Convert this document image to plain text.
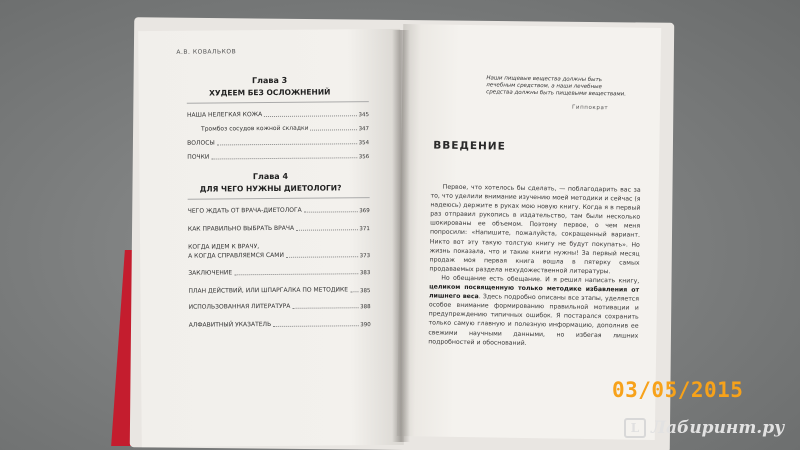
А.В. КОВАЛЬКОВ
Глава 3
ХУДЕЕМ БЕЗ ОСЛОЖНЕНИЙ
НАША НЕЛЕГКАЯ КОЖА	345
Тромбоз сосудов кожной складки	347
ВОЛОСЫ	354
ПОЧКИ	356
Глава 4
ДЛЯ ЧЕГО НУЖНЫ ДИЕТОЛОГИ?
ЧЕГО ЖДАТЬ ОТ ВРАЧА-ДИЕТОЛОГА	369
КАК ПРАВИЛЬНО ВЫБРАТЬ ВРАЧА	371
КОГДА ИДЕМ К ВРАЧУ,
А КОГДА СПРАВЛЯЕМСЯ САМИ	373
ЗАКЛЮЧЕНИЕ	383
ПЛАН ДЕЙСТВИЙ, ИЛИ ШПАРГАЛКА ПО МЕТОДИКЕ 385
ИСПОЛЬЗОВАННАЯ ЛИТЕРАТУРА	388
АЛФАВИТНЫЙ УКАЗАТЕЛЬ	390
Наши пищевые вещества должны быть лечебным средством, а наши лечебные средства должны быть пищевыми веществами.
Гиппократ
ВВЕДЕНИЕ

Первое, что хотелось бы сделать, — поблагодарить вас за то, что уделили внимание изучению моей методики и сейчас (я надеюсь) держите в руках мою новую книгу. Когда я в первый раз отправил рукопись в издательство, там были несколько шокированы ее объемом. Поэтому первое, о чем меня попросили: «Напишите, пожалуйста, сокращенный вариант. Никто вот эту такую толстую книгу не будут покупать». Но жизнь показала, что и такие книги нужны! За первый месяц продаж моя первая книга вошла в пятерку самых продаваемых раздела нехудожественной литературы.

Но обещание есть обещание. И я решил написать книгу, целиком посвященную только методике избавления от лишнего веса. Здесь подробно описаны все этапы, уделяется особое внимание формированию правильной мотивации и предупреждению типичных ошибок. Я постарался сохранить только самую главную и полезную информацию, дополнив ее свежими научными данными, но избегая лишних подробностей и обоснований.

03/05/2015
L Лабиринт.ру
